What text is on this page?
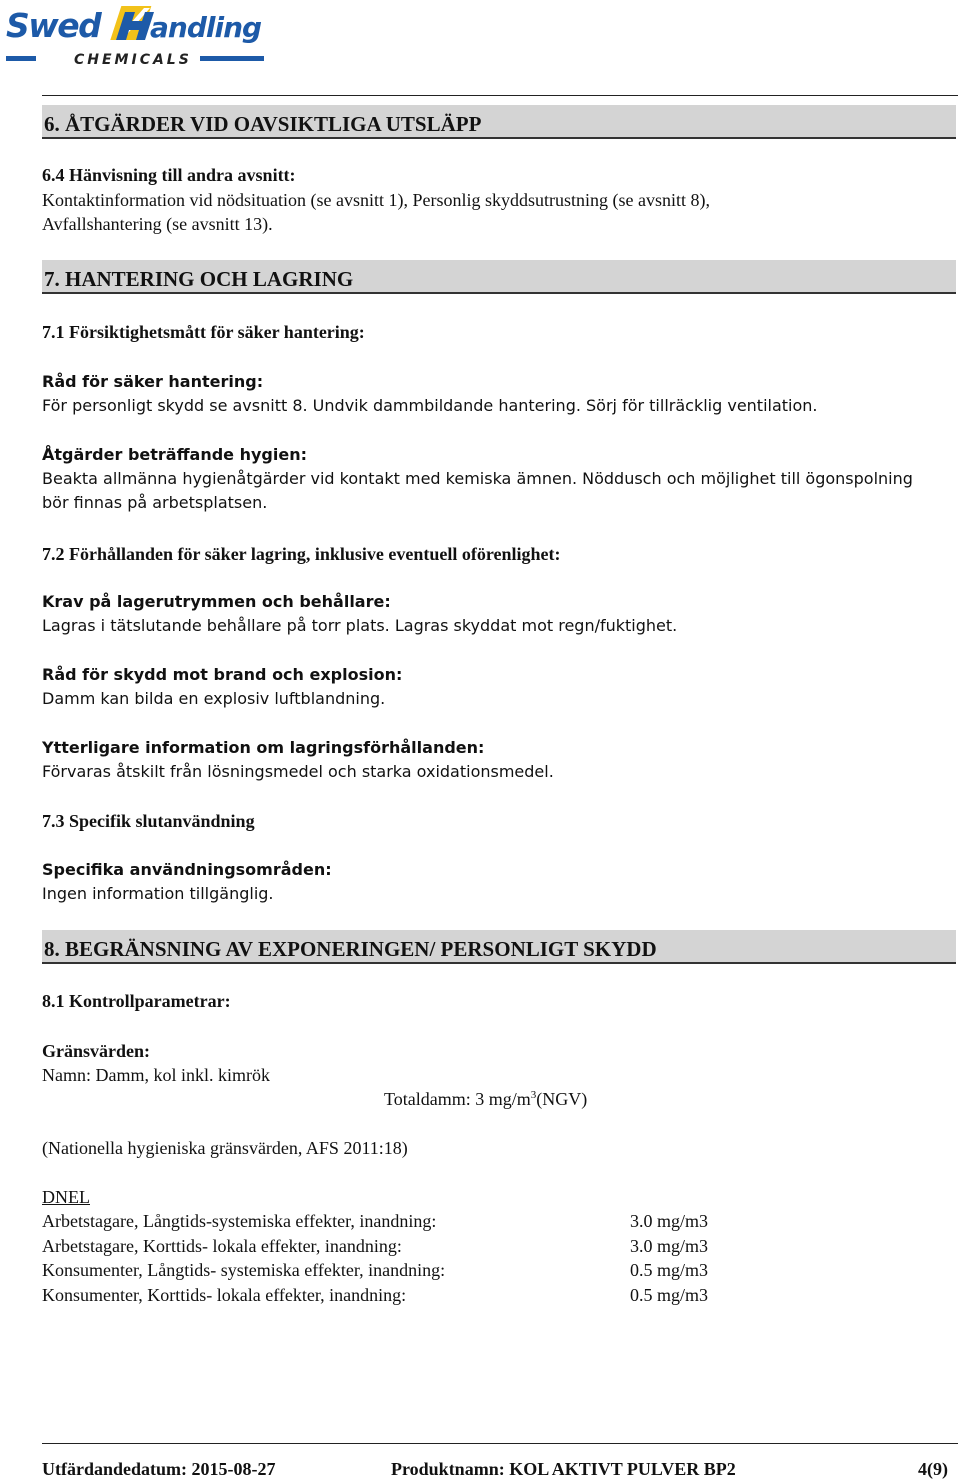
Swed andling
CHEMICALS
6. ÅTGÄRDER VID OAVSIKTLIGA UTSLÄPP
6.4 Hänvisning till andra avsnitt:
Kontaktinformation vid nödsituation (se avsnitt 1), Personlig skyddsutrustning (se avsnitt 8),
Avfallshantering (se avsnitt 13).
7. HANTERING OCH LAGRING
7.1 Försiktighetsmått för säker hantering:
Råd för säker hantering:
För personligt skydd se avsnitt 8. Undvik dammbildande hantering. Sörj för tillräcklig ventilation.
Åtgärder beträffande hygien:
Beakta allmänna hygienåtgärder vid kontakt med kemiska ämnen. Nöddusch och möjlighet till ögonspolning
bör finnas på arbetsplatsen.
7.2 Förhållanden för säker lagring, inklusive eventuell oförenlighet:
Krav på lagerutrymmen och behållare:
Lagras i tätslutande behållare på torr plats. Lagras skyddat mot regn/fuktighet.
Råd för skydd mot brand och explosion:
Damm kan bilda en explosiv luftblandning.
Ytterligare information om lagringsförhållanden:
Förvaras åtskilt från lösningsmedel och starka oxidationsmedel.
7.3 Specifik slutanvändning
Specifika användningsområden:
Ingen information tillgänglig.
8. BEGRÄNSNING AV EXPONERINGEN/ PERSONLIGT SKYDD
8.1 Kontrollparametrar:
Gränsvärden:
Namn: Damm, kol inkl. kimrök
Totaldamm: 3 $mg/m^3(NGV)$
(Nationella hygieniska gränsvärden, AFS 2011:18)
DNEL
Arbetstagare, Långtids-systemiska effekter, inandning:	3.0 mg/m3
Arbetstagare, Korttids- lokala effekter, inandning:	3.0 mg/m3
Konsumenter, Långtids- systemiska effekter, inandning:	0.5 mg/m3
Konsumenter, Korttids- lokala effekter, inandning:	0.5 mg/m3
Utfärdandedatum: 2015-08-27	Produktnamn: KOL AKTIVT PULVER BP2	4(9)
